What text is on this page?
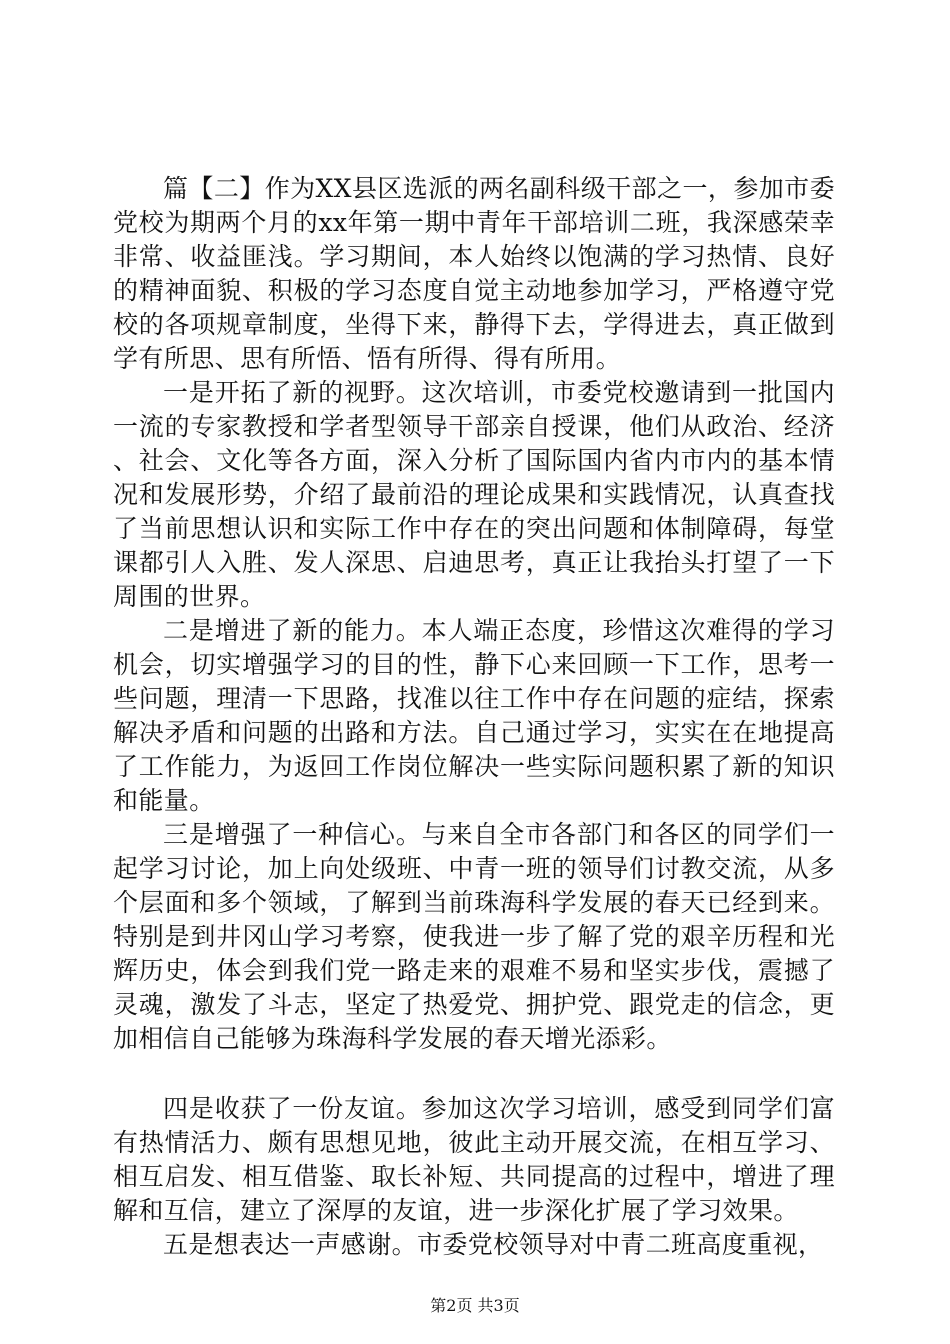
篇【二】作为XX县区选派的两名副科级干部之一，参加市委党校为期两个月的xx年第一期中青年干部培训二班，我深感荣幸非常、收益匪浅。学习期间，本人始终以饱满的学习热情、良好的精神面貌、积极的学习态度自觉主动地参加学习，严格遵守党校的各项规章制度，坐得下来，静得下去，学得进去，真正做到学有所思、思有所悟、悟有所得、得有所用。

一是开拓了新的视野。这次培训，市委党校邀请到一批国内一流的专家教授和学者型领导干部亲自授课，他们从政治、经济、社会、文化等各方面，深入分析了国际国内省内市内的基本情况和发展形势，介绍了最前沿的理论成果和实践情况，认真查找了当前思想认识和实际工作中存在的突出问题和体制障碍，每堂课都引人入胜、发人深思、启迪思考，真正让我抬头打望了一下周围的世界。

二是增进了新的能力。本人端正态度，珍惜这次难得的学习机会，切实增强学习的目的性，静下心来回顾一下工作，思考一些问题，理清一下思路，找准以往工作中存在问题的症结，探索解决矛盾和问题的出路和方法。自己通过学习，实实在在地提高了工作能力，为返回工作岗位解决一些实际问题积累了新的知识和能量。

三是增强了一种信心。与来自全市各部门和各区的同学们一起学习讨论，加上向处级班、中青一班的领导们讨教交流，从多个层面和多个领域，了解到当前珠海科学发展的春天已经到来。特别是到井冈山学习考察，使我进一步了解了党的艰辛历程和光辉历史，体会到我们党一路走来的艰难不易和坚实步伐，震撼了灵魂，激发了斗志，坚定了热爱党、拥护党、跟党走的信念，更加相信自己能够为珠海科学发展的春天增光添彩。

四是收获了一份友谊。参加这次学习培训，感受到同学们富有热情活力、颇有思想见地，彼此主动开展交流，在相互学习、相互启发、相互借鉴、取长补短、共同提高的过程中，增进了理解和互信，建立了深厚的友谊，进一步深化扩展了学习效果。

五是想表达一声感谢。市委党校领导对中青二班高度重视，

第2页 共3页
